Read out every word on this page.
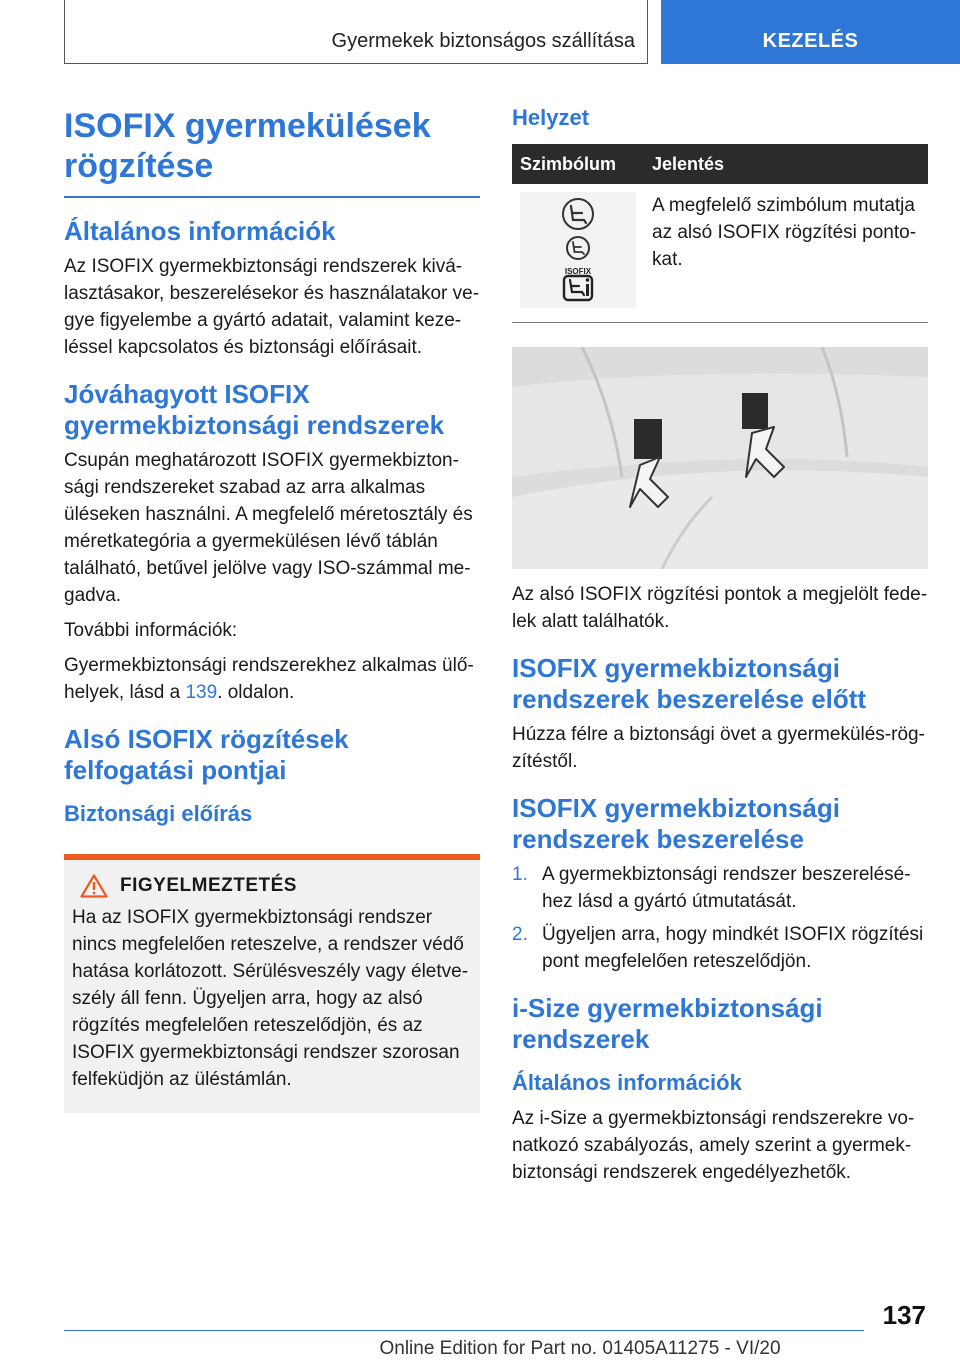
Gyermekek biztonságos szállítása	KEZELÉS
ISOFIX gyermekülések rögzítése
Általános információk

Az ISOFIX gyermekbiztonsági rendszerek kiválasztásakor, beszerelésekor és használatakor vegye figyelembe a gyártó adatait, valamint kezeléssel kapcsolatos és biztonsági előírásait.

Jóváhagyott ISOFIX gyermekbiztonsági rendszerek

Csupán meghatározott ISOFIX gyermekbiztonsági rendszereket szabad az arra alkalmas üléseken használni. A megfelelő méretosztály és méretkategória a gyermekülésen lévő táblán található, betűvel jelölve vagy ISO-számmal megadva.

További információk:

Gyermekbiztonsági rendszerekhez alkalmas ülőhelyek, lásd a 139. oldalon.

Alsó ISOFIX rögzítések felfogatási pontjai
Biztonsági előírás
FIGYELMEZTETÉS

Ha az ISOFIX gyermekbiztonsági rendszer nincs megfelelően reteszelve, a rendszer védő hatása korlátozott. Sérülésveszély vagy életveszély áll fenn. Ügyeljen arra, hogy az alsó rögzítés megfelelően reteszelődjön, és az ISOFIX gyermekbiztonsági rendszer szorosan felfeküdjön az üléstámlán.

Helyzet
Szimbólum	Jelentés

ISOFIX	A megfelelő szimbólum mutatja az alsó ISOFIX rögzítési pontokat.

Az alsó ISOFIX rögzítési pontok a megjelölt fedelek alatt találhatók.

ISOFIX gyermekbiztonsági rendszerek beszerelése előtt

Húzza félre a biztonsági övet a gyermekülés-rögzítéstől.

ISOFIX gyermekbiztonsági rendszerek beszerelése
1. A gyermekbiztonsági rendszer beszereléséhez lásd a gyártó útmutatását.
2. Ügyeljen arra, hogy mindkét ISOFIX rögzítési pont megfelelően reteszelődjön.
i-Size gyermekbiztonsági rendszerek
Általános információk

Az i-Size a gyermekbiztonsági rendszerekre vonatkozó szabályozás, amely szerint a gyermekbiztonsági rendszerek engedélyezhetők.

137
Online Edition for Part no. 01405A11275 - VI/20
